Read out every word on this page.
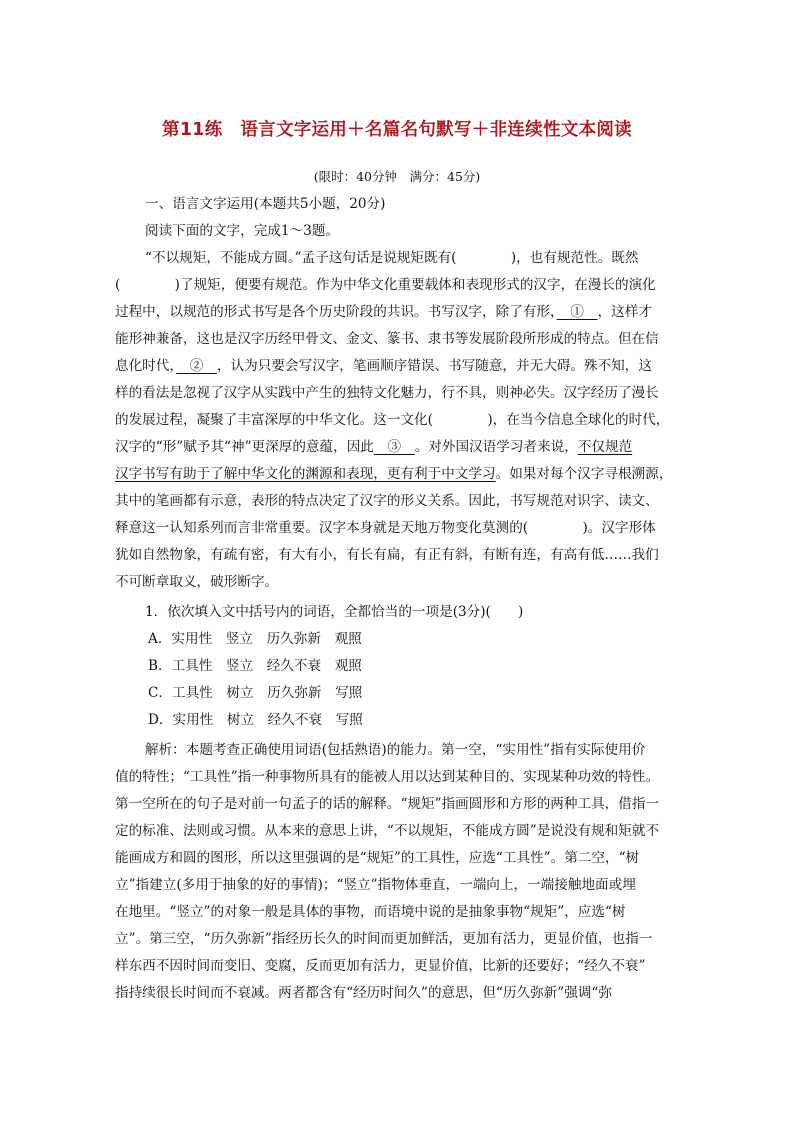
第11练　语言文字运用＋名篇名句默写＋非连续性文本阅读
(限时：40分钟　满分：45分)
一、语言文字运用(本题共5小题，20分)
阅读下面的文字，完成1～3题。
“不以规矩，不能成方圆。”孟子这句话是说规矩既有(　　　　)，也有规范性。既然
(　　　　)了规矩，便要有规范。作为中华文化重要载体和表现形式的汉字，在漫长的演化
过程中，以规范的形式书写是各个历史阶段的共识。书写汉字，除了有形，　①　，这样才
能形神兼备，这也是汉字历经甲骨文、金文、篆书、隶书等发展阶段所形成的特点。但在信
息化时代，　②　，认为只要会写汉字，笔画顺序错误、书写随意，并无大碍。殊不知，这
样的看法是忽视了汉字从实践中产生的独特文化魅力，行不具，则神必失。汉字经历了漫长
的发展过程，凝聚了丰富深厚的中华文化。这一文化(　　　　)，在当今信息全球化的时代，
汉字的“形”赋予其“神”更深厚的意蕴，因此　③　。对外国汉语学习者来说，不仅规范
汉字书写有助于了解中华文化的渊源和表现，更有利于中文学习。如果对每个汉字寻根溯源，
其中的笔画都有示意，表形的特点决定了汉字的形义关系。因此，书写规范对识字、读文、
释意这一认知系列而言非常重要。汉字本身就是天地万物变化莫测的(　　　　)。汉字形体
犹如自然物象，有疏有密，有大有小，有长有扁，有正有斜，有断有连，有高有低……我们
不可断章取义，破形断字。
1．依次填入文中括号内的词语，全都恰当的一项是(3分)(　　)
A．实用性　竖立　历久弥新　观照
B．工具性　竖立　经久不衰　观照
C．工具性　树立　历久弥新　写照
D．实用性　树立　经久不衰　写照
解析：本题考查正确使用词语(包括熟语)的能力。第一空，“实用性”指有实际使用价
值的特性；“工具性”指一种事物所具有的能被人用以达到某种目的、实现某种功效的特性。
第一空所在的句子是对前一句孟子的话的解释。“规矩”指画圆形和方形的两种工具，借指一
定的标准、法则或习惯。从本来的意思上讲，“不以规矩，不能成方圆”是说没有规和矩就不
能画成方和圆的图形，所以这里强调的是“规矩”的工具性，应选“工具性”。第二空，“树
立”指建立(多用于抽象的好的事情)；“竖立”指物体垂直，一端向上，一端接触地面或埋
在地里。“竖立”的对象一般是具体的事物，而语境中说的是抽象事物“规矩”，应选“树
立”。第三空，“历久弥新”指经历长久的时间而更加鲜活，更加有活力，更显价值，也指一
样东西不因时间而变旧、变腐，反而更加有活力，更显价值，比新的还要好；“经久不衰”
指持续很长时间而不衰减。两者都含有“经历时间久”的意思，但“历久弥新”强调“弥
